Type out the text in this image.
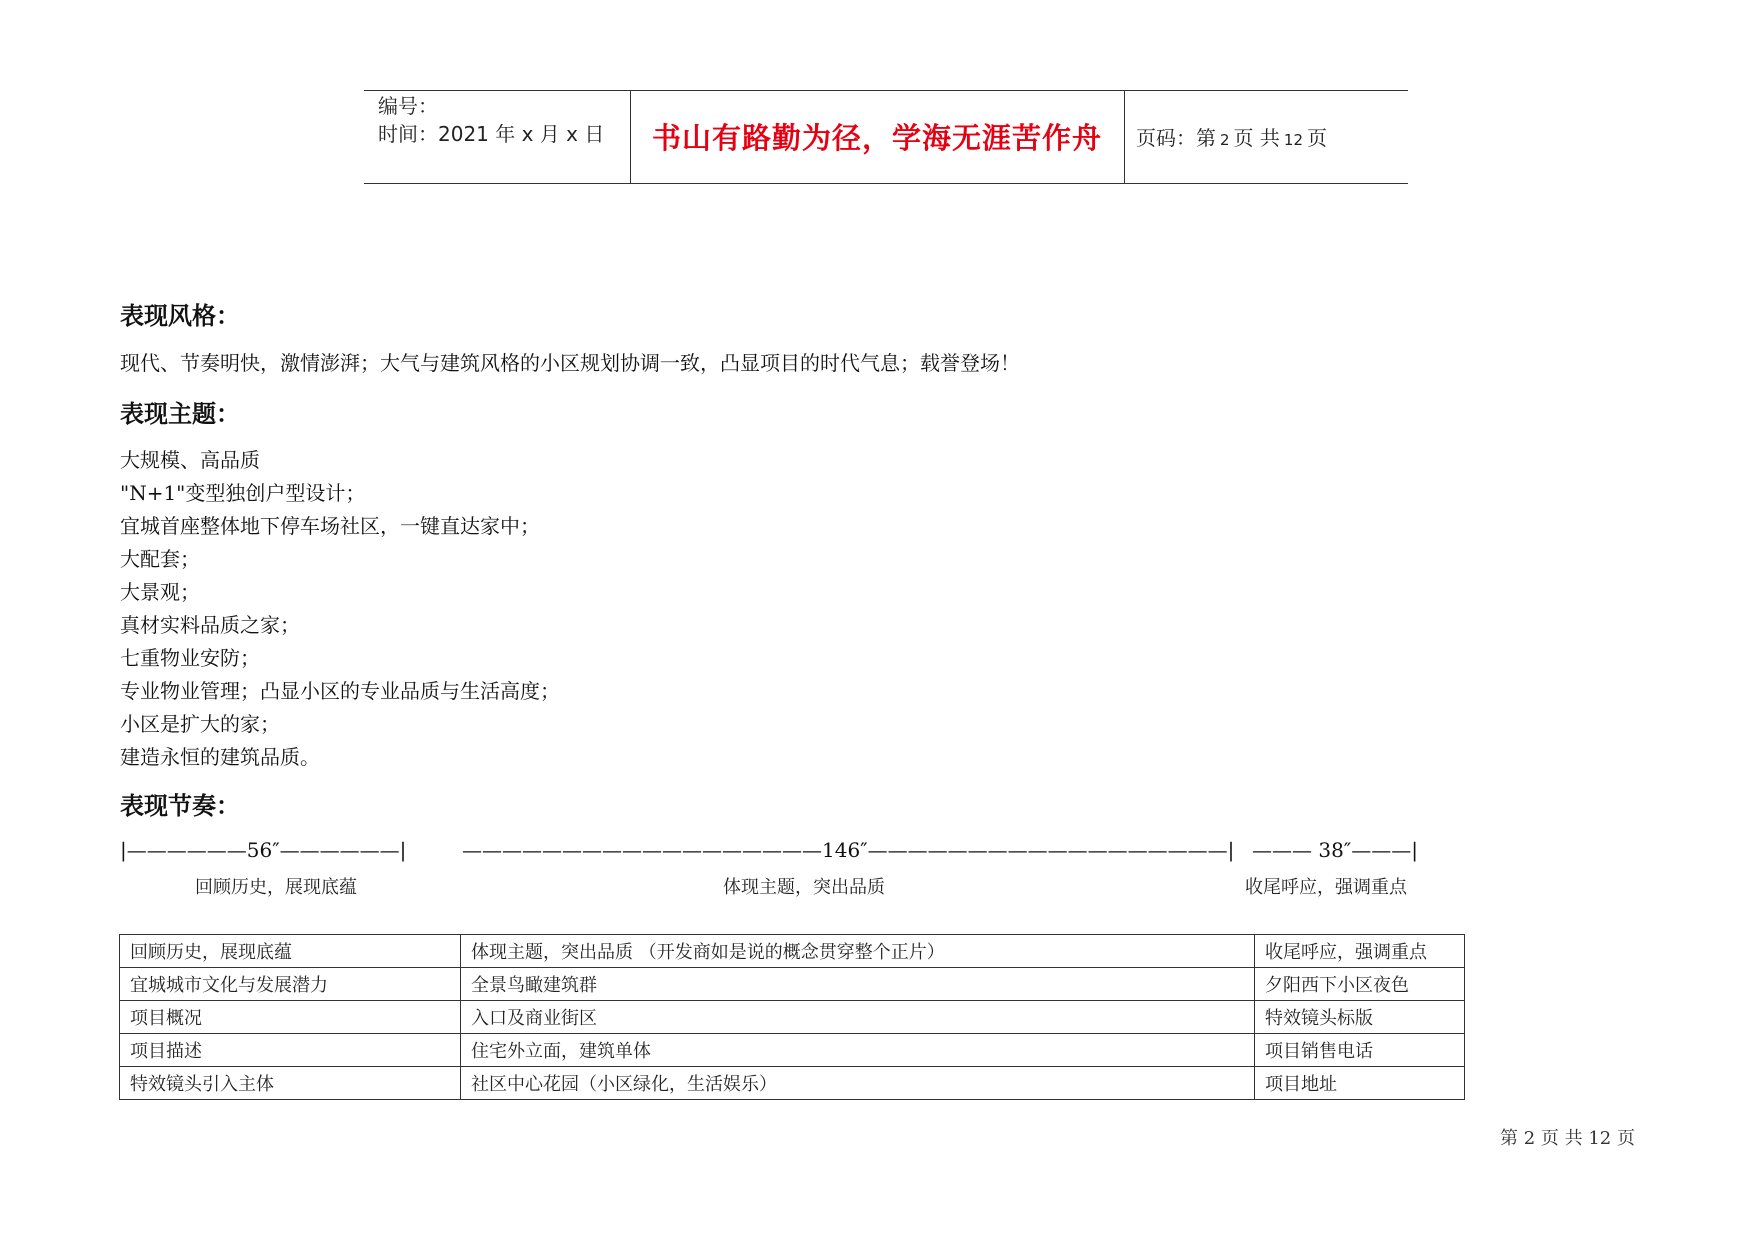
编号：
时间：2021 年 x 月 x 日	书山有路勤为径，学海无涯苦作舟	页码：第 2 页 共 12 页
表现风格：
现代、节奏明快，激情澎湃；大气与建筑风格的小区规划协调一致，凸显项目的时代气息；载誉登场！
表现主题：
大规模、高品质
"N+1"变型独创户型设计；
宜城首座整体地下停车场社区，一键直达家中；
大配套；
大景观；
真材实料品质之家；
七重物业安防；
专业物业管理；凸显小区的专业品质与生活高度；
小区是扩大的家；
建造永恒的建筑品质。
表现节奏：
|——————56″——————|	——————————————————146″——————————————————| ——— 38″———|
回顾历史，展现底蕴	体现主题，突出品质	收尾呼应，强调重点
回顾历史，展现底蕴	体现主题，突出品质 （开发商如是说的概念贯穿整个正片）	收尾呼应，强调重点
宜城城市文化与发展潜力	全景鸟瞰建筑群	夕阳西下小区夜色
项目概况	入口及商业街区	特效镜头标版
项目描述	住宅外立面，建筑单体	项目销售电话
特效镜头引入主体	社区中心花园（小区绿化，生活娱乐）	项目地址
第 2 页 共 12 页
